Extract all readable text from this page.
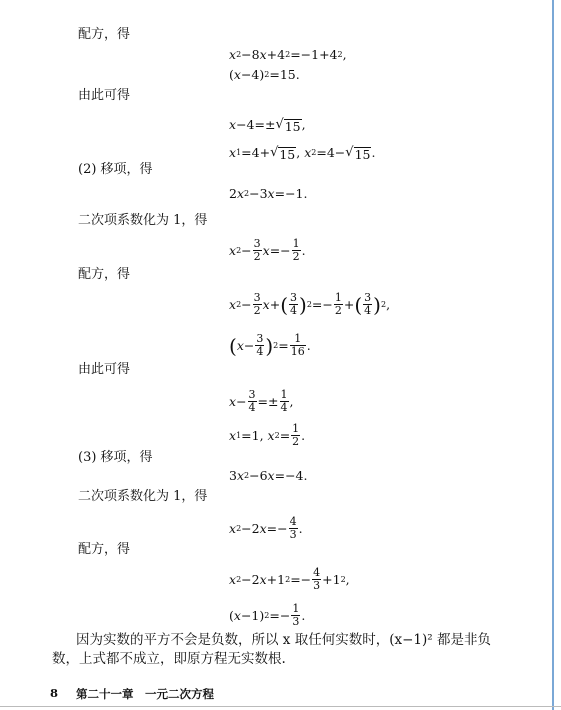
配方，得
x 2 −8 x +4 2 =−1+4 2 ,
( x −4) 2 =15.
由此可得
x −4=± √ 15 ,
x 1 =4+ √ 15 , x 2 =4− √ 15 .
(2) 移项，得
2 x 2 −3 x =−1.
二次项系数化为 1，得
x $2 - \frac{3}{2}$ $x =- \frac{1}{2}$ .
配方，得
x $2 - \frac{3}{2}$ x + ( $\frac{3}{4}$ ) $2 =- \frac{1}{2}$ + ( $\frac{3}{4}$ ) 2 ,
( $x - \frac{3}{4}$ ) $2 = \frac{1}{16}$ .
由此可得
$x - \frac{3}{4} =\pm \frac{1}{4}$ ,
x 1 =1, x $2 = \frac{1}{2}$ .
(3) 移项，得
3 x 2 −6 x =−4.
二次项系数化为 1，得
x 2 −2 $x =- \frac{4}{3}$ .
配方，得
x 2 −2 x +1 $2 =- \frac{4}{3} +1$ 2 ,
( x −1) $2 =- \frac{1}{3}$ .
因为实数的平方不会是负数，所以 x 取任何实数时，(x−1)² 都是非负
数，上式都不成立，即原方程无实数根.
8 第二十一章　一元二次方程
